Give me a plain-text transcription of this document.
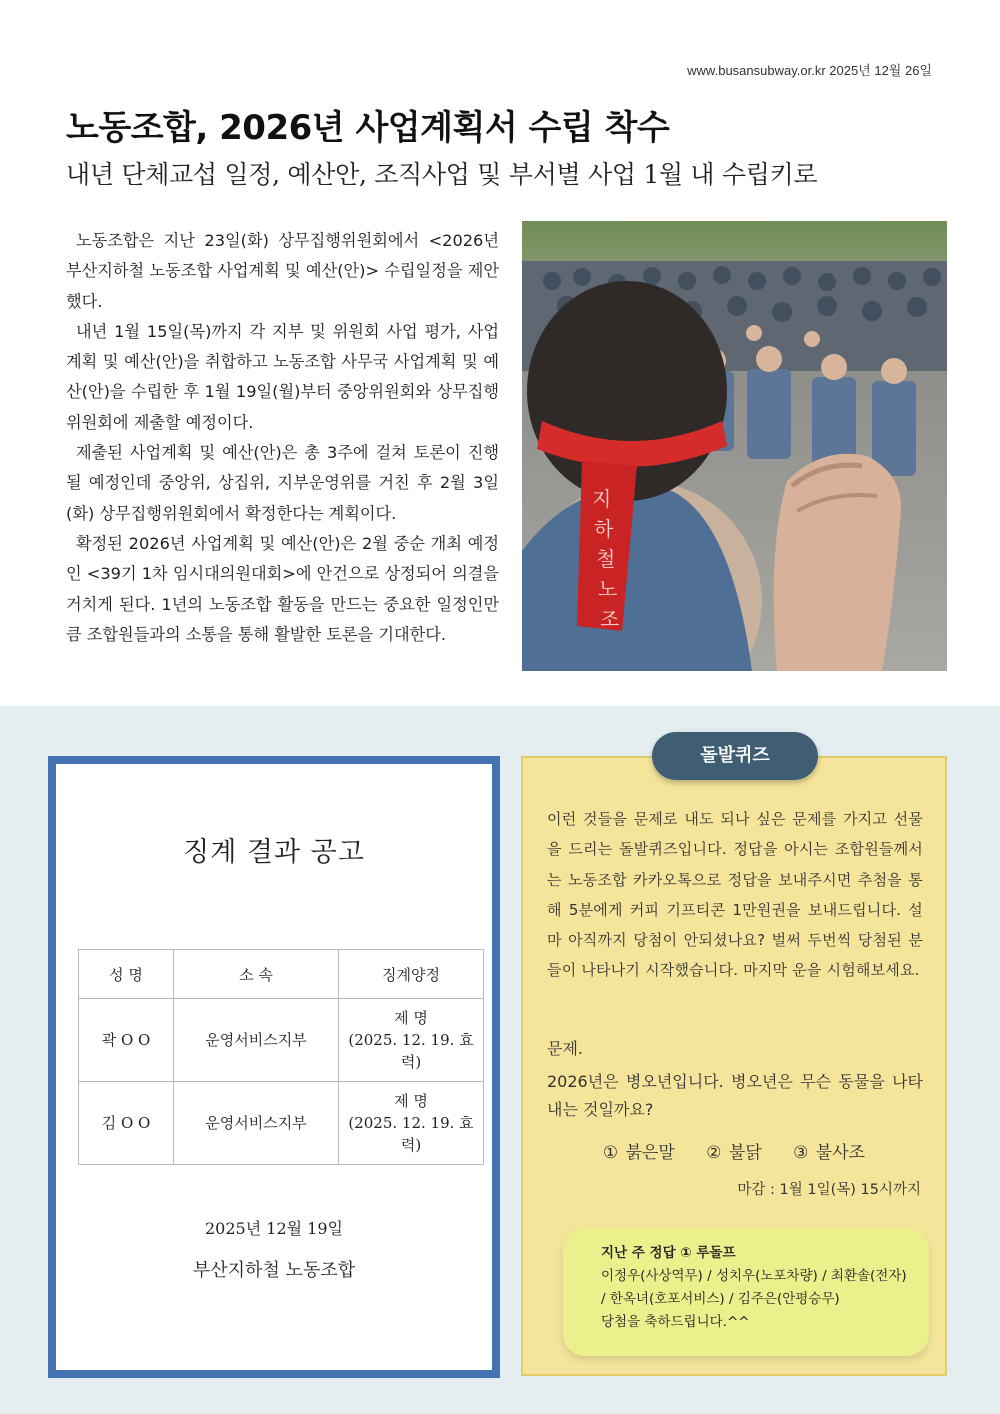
www.busansubway.or.kr 2025년 12월 26일
노동조합, 2026년 사업계획서 수립 착수
내년 단체교섭 일정, 예산안, 조직사업 및 부서별 사업 1월 내 수립키로

노동조합은 지난 23일(화) 상무집행위원회에서 <2026년 부산지하철 노동조합 사업계획 및 예산(안)> 수립일정을 제안했다.

내년 1월 15일(목)까지 각 지부 및 위원회 사업 평가, 사업계획 및 예산(안)을 취합하고 노동조합 사무국 사업계획 및 예산(안)을 수립한 후 1월 19일(월)부터 중앙위원회와 상무집행위원회에 제출할 예정이다.

제출된 사업계획 및 예산(안)은 총 3주에 걸쳐 토론이 진행될 예정인데 중앙위, 상집위, 지부운영위를 거친 후 2월 3일(화) 상무집행위원회에서 확정한다는 계획이다.

확정된 2026년 사업계획 및 예산(안)은 2월 중순 개최 예정인 <39기 1차 임시대의원대회>에 안건으로 상정되어 의결을 거치게 된다. 1년의 노동조합 활동을 만드는 중요한 일정인만큼 조합원들과의 소통을 통해 활발한 토론을 기대한다.

지
하
철
노
조
징계 결과 공고
성 명	소 속	징계양정
곽 O O	운영서비스지부	제 명
(2025. 12. 19. 효력)

김 O O	운영서비스지부	제 명
(2025. 12. 19. 효력)
2025년 12월 19일
부산지하철 노동조합
이런 것들을 문제로 내도 되나 싶은 문제를 가지고 선물을 드리는 돌발퀴즈입니다. 정답을 아시는 조합원들께서는 노동조합 카카오톡으로 정답을 보내주시면 추첨을 통해 5분에게 커피 기프티콘 1만원권을 보내드립니다. 설마 아직까지 당첨이 안되셨나요? 벌써 두번씩 당첨된 분들이 나타나기 시작했습니다. 마지막 운을 시험해보세요.
문제.
2026년은 병오년입니다. 병오년은 무슨 동물을 나타내는 것일까요?
① 붉은말 ② 불닭 ③ 불사조
마감 : 1월 1일(목) 15시까지
지난 주 정답 ① 루돌프
이정우(사상역무) / 성치우(노포차량) / 최환솔(전자)
/ 한옥녀(호포서비스) / 김주은(안평승무)
당첨을 축하드립니다.^^
돌발퀴즈
